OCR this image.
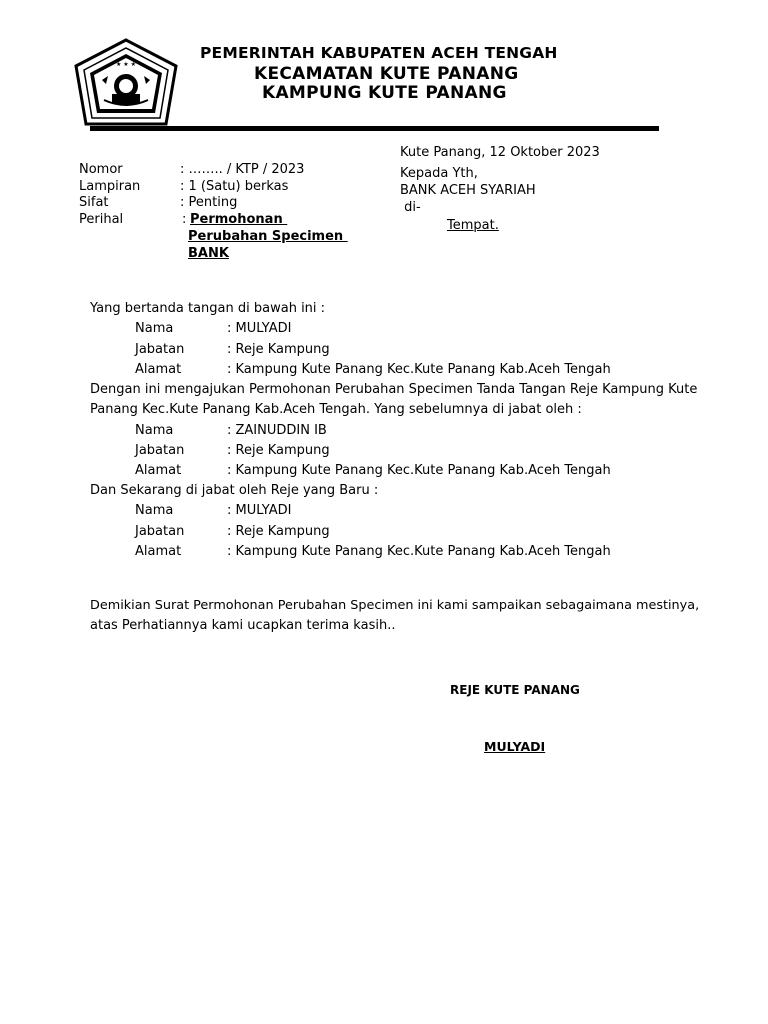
★ ★ ★
PEMERINTAH KABUPATEN ACEH TENGAH
KECAMATAN KUTE PANANG
KAMPUNG KUTE PANANG
Kute Panang, 12 Oktober 2023
Kepada Yth,
BANK ACEH SYARIAH
di-
Tempat.
Nomor	: …….. / KTP / 2023
Lampiran	: 1 (Satu) berkas
Sifat	: Penting
Perihal	: Permohonan
Perubahan Specimen
BANK
Yang bertanda tangan di bawah ini :
Nama	: MULYADI
Jabatan	: Reje Kampung
Alamat	: Kampung Kute Panang Kec.Kute Panang Kab.Aceh Tengah
Dengan ini mengajukan Permohonan Perubahan Specimen Tanda Tangan Reje Kampung Kute
Panang Kec.Kute Panang Kab.Aceh Tengah. Yang sebelumnya di jabat oleh :
Nama	: ZAINUDDIN IB
Jabatan	: Reje Kampung
Alamat	: Kampung Kute Panang Kec.Kute Panang Kab.Aceh Tengah
Dan Sekarang di jabat oleh Reje yang Baru :
Nama	: MULYADI
Jabatan	: Reje Kampung
Alamat	: Kampung Kute Panang Kec.Kute Panang Kab.Aceh Tengah
Demikian Surat Permohonan Perubahan Specimen ini kami sampaikan sebagaimana mestinya,
atas Perhatiannya kami ucapkan terima kasih..
REJE KUTE PANANG
MULYADI
